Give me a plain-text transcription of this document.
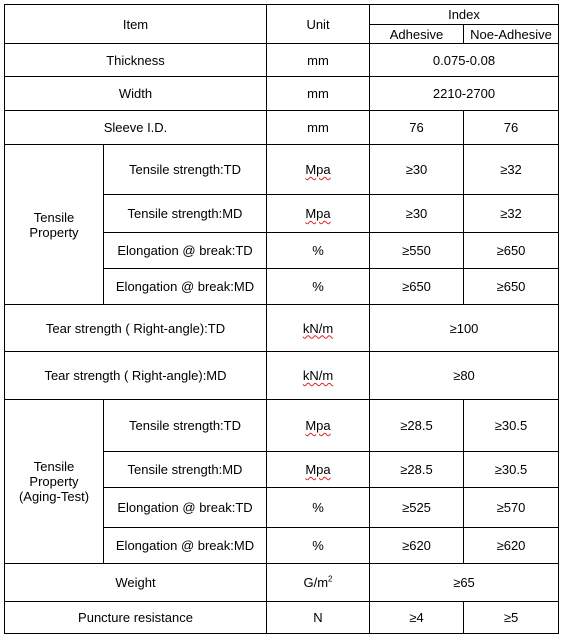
Item		Unit	Index	
			Adhesive	Noe-Adhesive
Thickness		mm	0.075-0.08	
Width		mm	2210-2700	
Sleeve I.D.		mm	76	76
Tensile
Property	Tensile strength:TD	Mpa	≥30	≥32
	Tensile strength:MD	Mpa	≥30	≥32
	Elongation @ break:TD	%	≥550	≥650
	Elongation @ break:MD	%	≥650	≥650
Tear strength ( Right-angle):TD		kN/m	≥100	
Tear strength ( Right-angle):MD		kN/m	≥80	
Tensile
Property
(Aging-Test)	Tensile strength:TD	Mpa	≥28.5	≥30.5
	Tensile strength:MD	Mpa	≥28.5	≥30.5
	Elongation @ break:TD	%	≥525	≥570
	Elongation @ break:MD	%	≥620	≥620
Weight		$G/m^2$	≥65	
Puncture resistance		N	≥4	≥5
